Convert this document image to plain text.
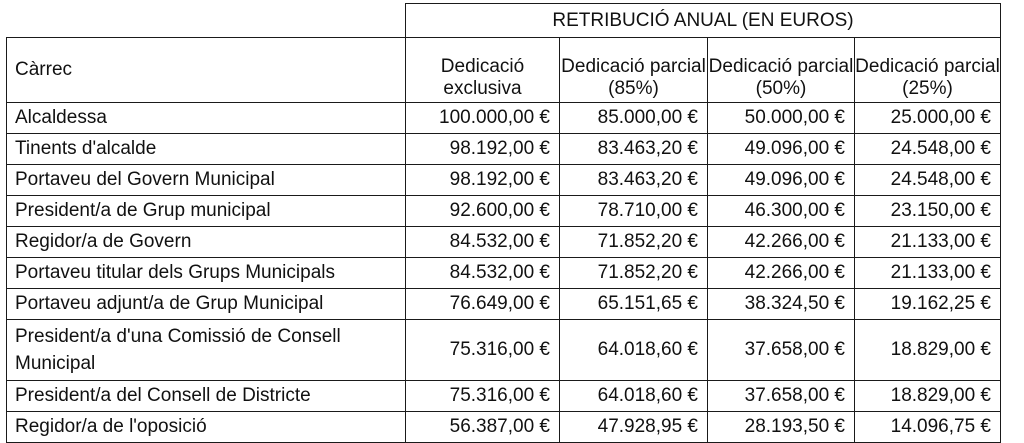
	RETRIBUCIÓ ANUAL (EN EUROS)			
Càrrec	Dedicació exclusiva	Dedicació parcial (85%)	Dedicació parcial (50%)	Dedicació parcial (25%)
Alcaldessa	100.000,00 €	85.000,00 €	50.000,00 €	25.000,00 €
Tinents d'alcalde	98.192,00 €	83.463,20 €	49.096,00 €	24.548,00 €
Portaveu del Govern Municipal	98.192,00 €	83.463,20 €	49.096,00 €	24.548,00 €
President/a de Grup municipal	92.600,00 €	78.710,00 €	46.300,00 €	23.150,00 €
Regidor/a de Govern	84.532,00 €	71.852,20 €	42.266,00 €	21.133,00 €
Portaveu titular dels Grups Municipals	84.532,00 €	71.852,20 €	42.266,00 €	21.133,00 €
Portaveu adjunt/a de Grup Municipal	76.649,00 €	65.151,65 €	38.324,50 €	19.162,25 €
President/a d'una Comissió de Consell Municipal	75.316,00 €	64.018,60 €	37.658,00 €	18.829,00 €
President/a del Consell de Districte	75.316,00 €	64.018,60 €	37.658,00 €	18.829,00 €
Regidor/a de l'oposició	56.387,00 €	47.928,95 €	28.193,50 €	14.096,75 €
